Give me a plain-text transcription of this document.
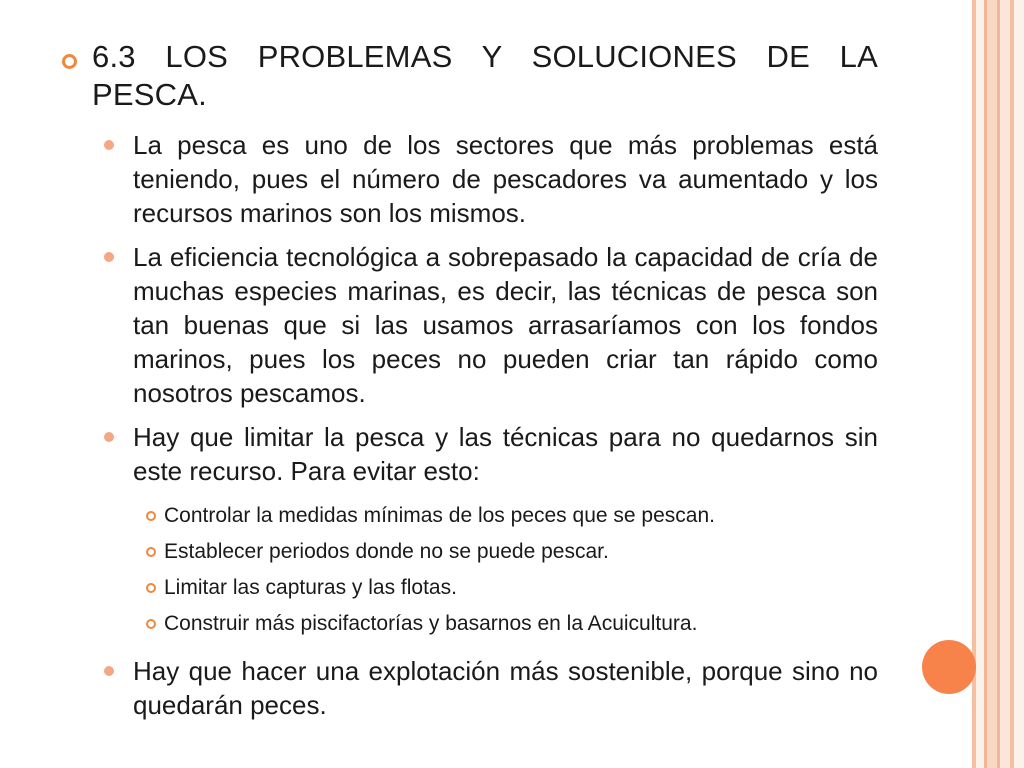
6.3 LOS PROBLEMAS Y SOLUCIONES DE LA PESCA.
La pesca es uno de los sectores que más problemas está teniendo, pues el número de pescadores va aumentado y los recursos marinos son los mismos.
La eficiencia tecnológica a sobrepasado la capacidad de cría de muchas especies marinas, es decir, las técnicas de pesca son tan buenas que si las usamos arrasaríamos con los fondos marinos, pues los peces no pueden criar tan rápido como nosotros pescamos.
Hay que limitar la pesca y las técnicas para no quedarnos sin este recurso. Para evitar esto:
Controlar la medidas mínimas de los peces que se pescan.
Establecer periodos donde no se puede pescar.
Limitar las capturas y las flotas.
Construir más piscifactorías y basarnos en la Acuicultura.
Hay que hacer una explotación más sostenible, porque sino no quedarán peces.
